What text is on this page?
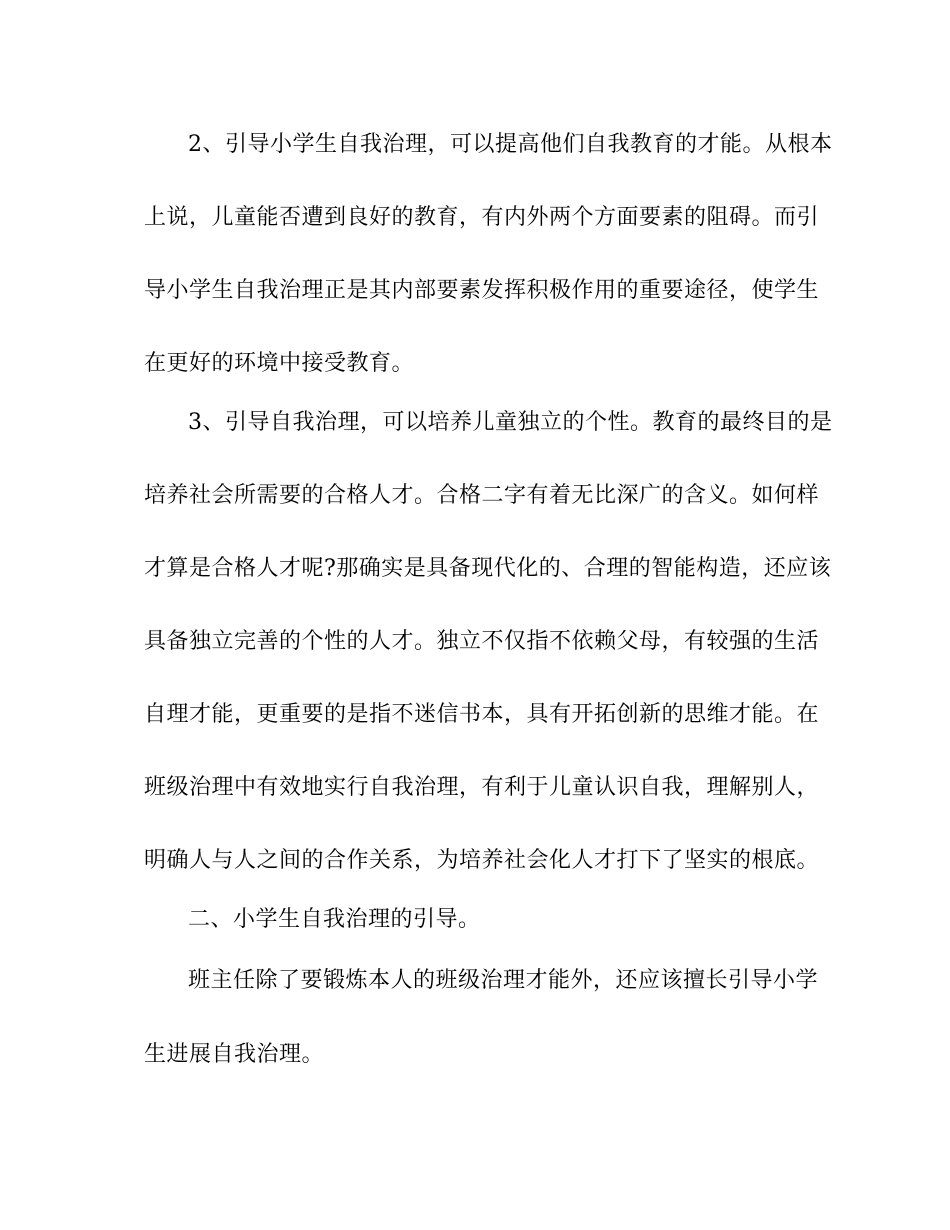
2、引导小学生自我治理，可以提高他们自我教育的才能。从根本
上说，儿童能否遭到良好的教育，有内外两个方面要素的阻碍。而引
导小学生自我治理正是其内部要素发挥积极作用的重要途径，使学生
在更好的环境中接受教育。
3、引导自我治理，可以培养儿童独立的个性。教育的最终目的是
培养社会所需要的合格人才。合格二字有着无比深广的含义。如何样
才算是合格人才呢?那确实是具备现代化的、合理的智能构造，还应该
具备独立完善的个性的人才。独立不仅指不依赖父母，有较强的生活
自理才能，更重要的是指不迷信书本，具有开拓创新的思维才能。在
班级治理中有效地实行自我治理，有利于儿童认识自我，理解别人，
明确人与人之间的合作关系，为培养社会化人才打下了坚实的根底。
二、小学生自我治理的引导。
班主任除了要锻炼本人的班级治理才能外，还应该擅长引导小学
生进展自我治理。
